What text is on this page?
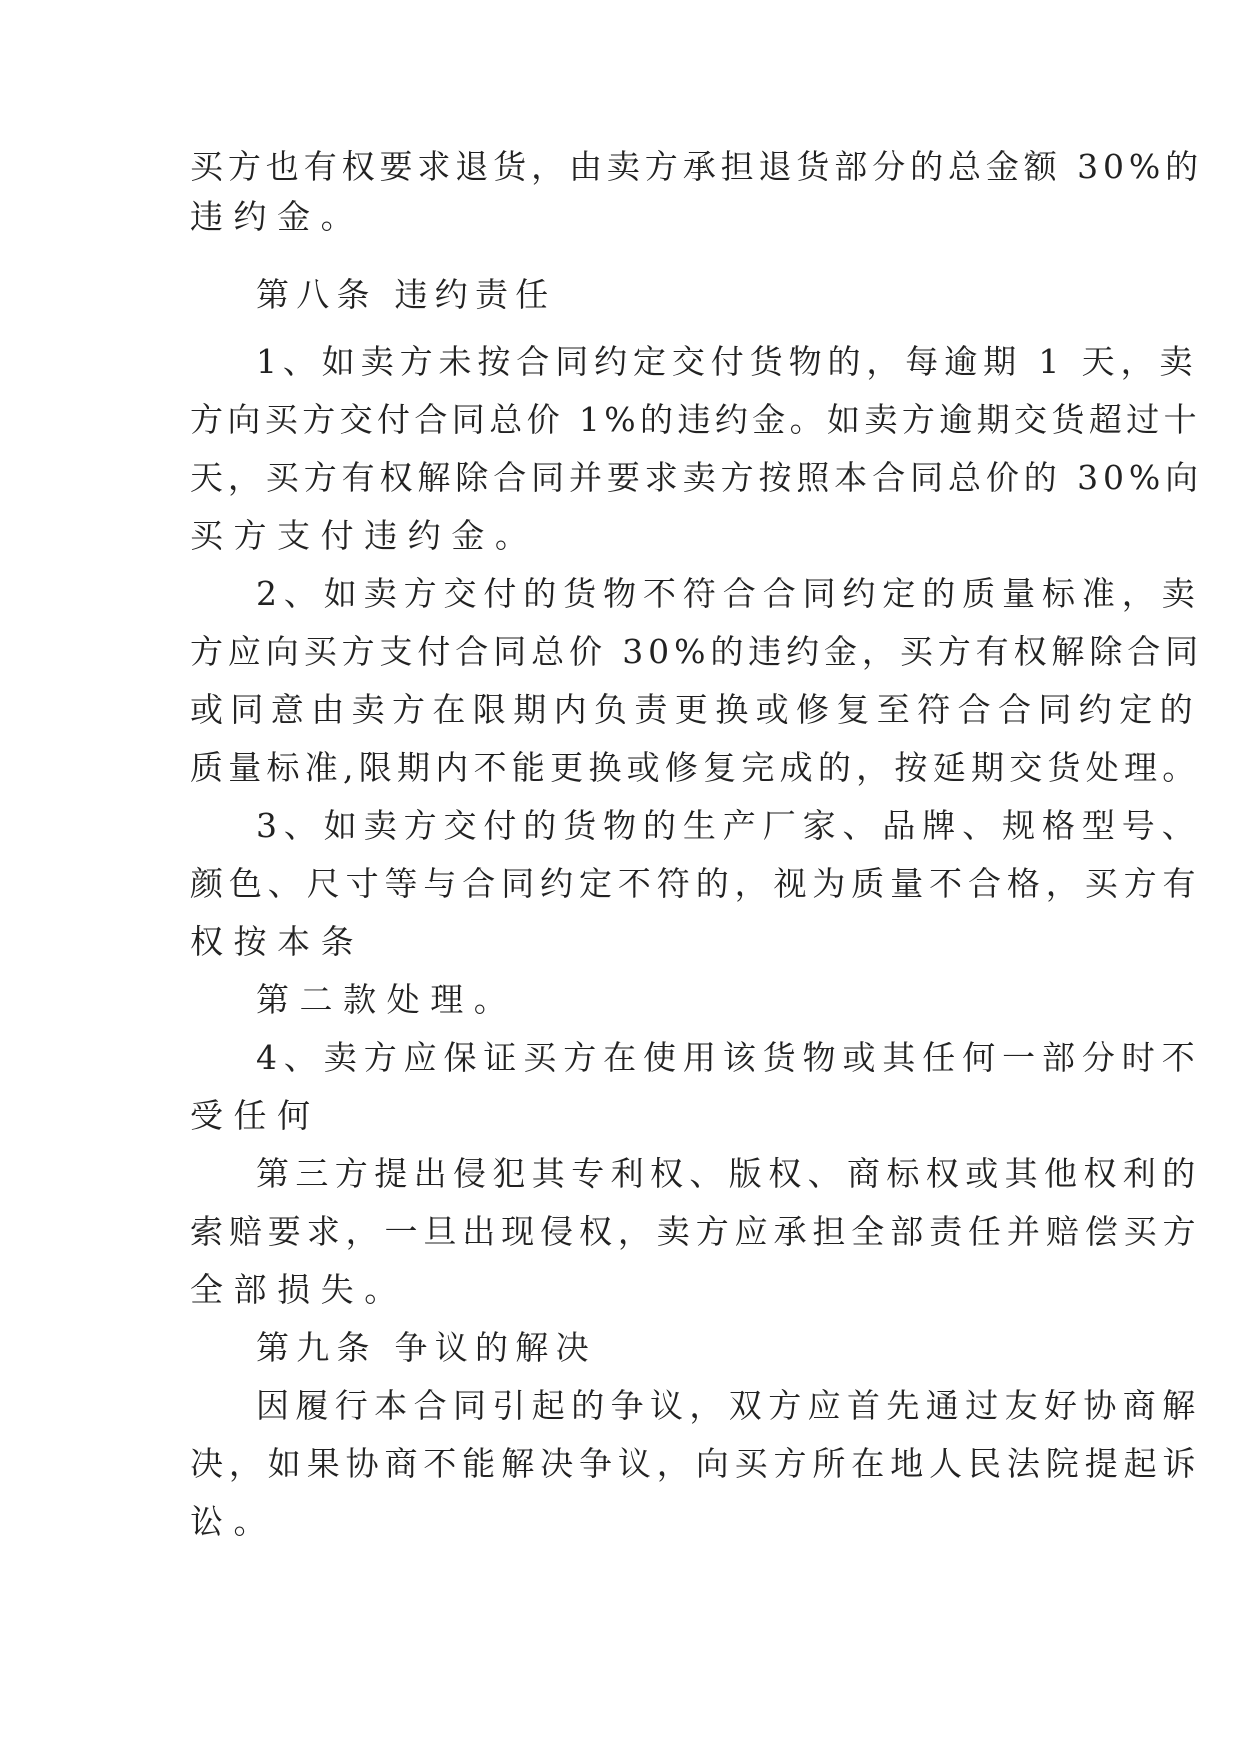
买方也有权要求退货，由卖方承担退货部分的总金额 30%的

违约金。

第八条 违约责任

1、如卖方未按合同约定交付货物的，每逾期 1 天，卖

方向买方交付合同总价 1%的违约金。如卖方逾期交货超过十

天，买方有权解除合同并要求卖方按照本合同总价的 30%向

买方支付违约金。

2、如卖方交付的货物不符合合同约定的质量标准，卖

方应向买方支付合同总价 30%的违约金，买方有权解除合同

或同意由卖方在限期内负责更换或修复至符合合同约定的

质量标准,限期内不能更换或修复完成的，按延期交货处理。

3、如卖方交付的货物的生产厂家、品牌、规格型号、

颜色、尺寸等与合同约定不符的，视为质量不合格，买方有

权按本条

第二款处理。

4、卖方应保证买方在使用该货物或其任何一部分时不

受任何

第三方提出侵犯其专利权、版权、商标权或其他权利的

索赔要求，一旦出现侵权，卖方应承担全部责任并赔偿买方

全部损失。

第九条 争议的解决

因履行本合同引起的争议，双方应首先通过友好协商解

决，如果协商不能解决争议，向买方所在地人民法院提起诉

讼。
